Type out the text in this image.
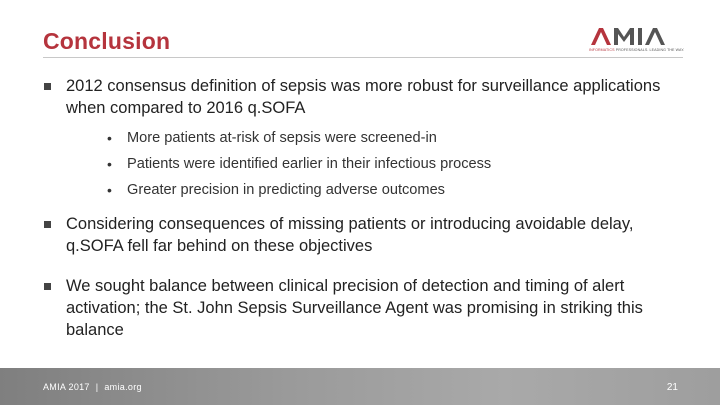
Conclusion	INFORMATICS PROFESSIONALS. LEADING THE WAY.
2012 consensus definition of sepsis was more robust for surveillance applications when compared to 2016 q.SOFA
• More patients at-risk of sepsis were screened-in
• Patients were identified earlier in their infectious process
• Greater precision in predicting adverse outcomes
Considering consequences of missing patients or introducing avoidable delay, q.SOFA fell far behind on these objectives
We sought balance between clinical precision of detection and timing of alert activation; the St. John Sepsis Surveillance Agent was promising in striking this balance
AMIA 2017 | amia.org	21
